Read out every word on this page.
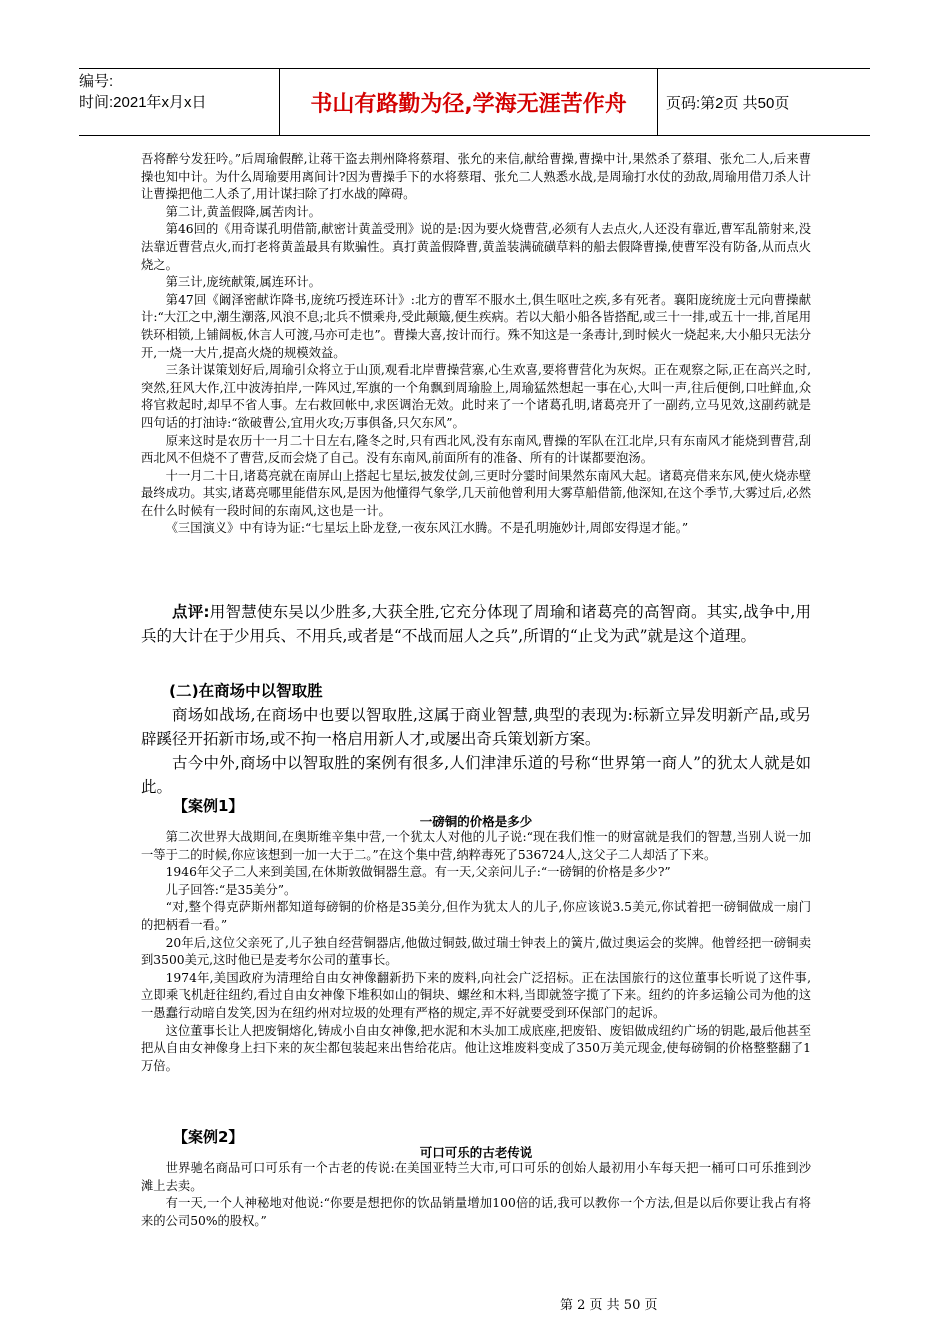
编号:
时间:2021年x月x日	书山有路勤为径,学海无涯苦作舟	页码:第2页 共50页

吾将醉兮发狂吟。”后周瑜假醉,让蒋干盗去荆州降将蔡瑁、张允的来信,献给曹操,曹操中计,果然杀了蔡瑁、张允二人,后来曹操也知中计。为什么周瑜要用离间计?因为曹操手下的水将蔡瑁、张允二人熟悉水战,是周瑜打水仗的劲敌,周瑜用借刀杀人计让曹操把他二人杀了,用计谋扫除了打水战的障碍。

第二计,黄盖假降,属苦肉计。

第46回的《用奇谋孔明借箭,献密计黄盖受刑》说的是:因为要火烧曹营,必须有人去点火,人还没有靠近,曹军乱箭射来,没法靠近曹营点火,而打老将黄盖最具有欺骗性。真打黄盖假降曹,黄盖装满硫磺草料的船去假降曹操,使曹军没有防备,从而点火烧之。

第三计,庞统献策,属连环计。

第47回《阚泽密献诈降书,庞统巧授连环计》:北方的曹军不服水土,俱生呕吐之疾,多有死者。襄阳庞统庞士元向曹操献计:“大江之中,潮生潮落,风浪不息;北兵不惯乘舟,受此颠簸,便生疾病。若以大船小船各皆搭配,或三十一排,或五十一排,首尾用铁环相锁,上铺阔板,休言人可渡,马亦可走也”。曹操大喜,按计而行。殊不知这是一条毒计,到时候火一烧起来,大小船只无法分开,一烧一大片,提高火烧的规模效益。

三条计谋策划好后,周瑜引众将立于山顶,观看北岸曹操营寨,心生欢喜,要将曹营化为灰烬。正在观察之际,正在高兴之时,突然,狂风大作,江中波涛拍岸,一阵风过,军旗的一个角飘到周瑜脸上,周瑜猛然想起一事在心,大叫一声,往后便倒,口吐鲜血,众将官救起时,却早不省人事。左右救回帐中,求医调治无效。此时来了一个诸葛孔明,诸葛亮开了一副药,立马见效,这副药就是四句话的打油诗:“欲破曹公,宜用火攻;万事俱备,只欠东风”。

原来这时是农历十一月二十日左右,隆冬之时,只有西北风,没有东南风,曹操的军队在江北岸,只有东南风才能烧到曹营,刮西北风不但烧不了曹营,反而会烧了自己。没有东南风,前面所有的准备、所有的计谋都要泡汤。

十一月二十日,诸葛亮就在南屏山上搭起七星坛,披发仗剑,三更时分霎时间果然东南风大起。诸葛亮借来东风,使火烧赤壁最终成功。其实,诸葛亮哪里能借东风,是因为他懂得气象学,几天前他曾利用大雾草船借箭,他深知,在这个季节,大雾过后,必然在什么时候有一段时间的东南风,这也是一计。

《三国演义》中有诗为证:“七星坛上卧龙登,一夜东风江水腾。不是孔明施妙计,周郎安得逞才能。”

点评:用智慧使东吴以少胜多,大获全胜,它充分体现了周瑜和诸葛亮的高智商。其实,战争中,用兵的大计在于少用兵、不用兵,或者是“不战而屈人之兵”,所谓的“止戈为武”就是这个道理。

(二)在商场中以智取胜

商场如战场,在商场中也要以智取胜,这属于商业智慧,典型的表现为:标新立异发明新产品,或另辟蹊径开拓新市场,或不拘一格启用新人才,或屡出奇兵策划新方案。

古今中外,商场中以智取胜的案例有很多,人们津津乐道的号称“世界第一商人”的犹太人就是如此。

【案例1】
一磅铜的价格是多少

第二次世界大战期间,在奥斯维辛集中营,一个犹太人对他的儿子说:“现在我们惟一的财富就是我们的智慧,当别人说一加一等于二的时候,你应该想到一加一大于二。”在这个集中营,纳粹毒死了536724人,这父子二人却活了下来。

1946年父子二人来到美国,在休斯敦做铜器生意。有一天,父亲问儿子:“一磅铜的价格是多少?”

儿子回答:“是35美分”。

“对,整个得克萨斯州都知道每磅铜的价格是35美分,但作为犹太人的儿子,你应该说3.5美元,你试着把一磅铜做成一扇门的把柄看一看。”

20年后,这位父亲死了,儿子独自经营铜器店,他做过铜鼓,做过瑞士钟表上的簧片,做过奥运会的奖牌。他曾经把一磅铜卖到3500美元,这时他已是麦考尔公司的董事长。

1974年,美国政府为清理给自由女神像翻新扔下来的废料,向社会广泛招标。正在法国旅行的这位董事长听说了这件事,立即乘飞机赶往纽约,看过自由女神像下堆积如山的铜块、螺丝和木料,当即就签字揽了下来。纽约的许多运输公司为他的这一愚蠢行动暗自发笑,因为在纽约州对垃圾的处理有严格的规定,弄不好就要受到环保部门的起诉。

这位董事长让人把废铜熔化,铸成小自由女神像,把水泥和木头加工成底座,把废铅、废铝做成纽约广场的钥匙,最后他甚至把从自由女神像身上扫下来的灰尘都包装起来出售给花店。他让这堆废料变成了350万美元现金,使每磅铜的价格整整翻了1万倍。

【案例2】
可口可乐的古老传说

世界驰名商品可口可乐有一个古老的传说:在美国亚特兰大市,可口可乐的创始人最初用小车每天把一桶可口可乐推到沙滩上去卖。

有一天,一个人神秘地对他说:“你要是想把你的饮品销量增加100倍的话,我可以教你一个方法,但是以后你要让我占有将来的公司50%的股权。”

第 2 页 共 50 页
